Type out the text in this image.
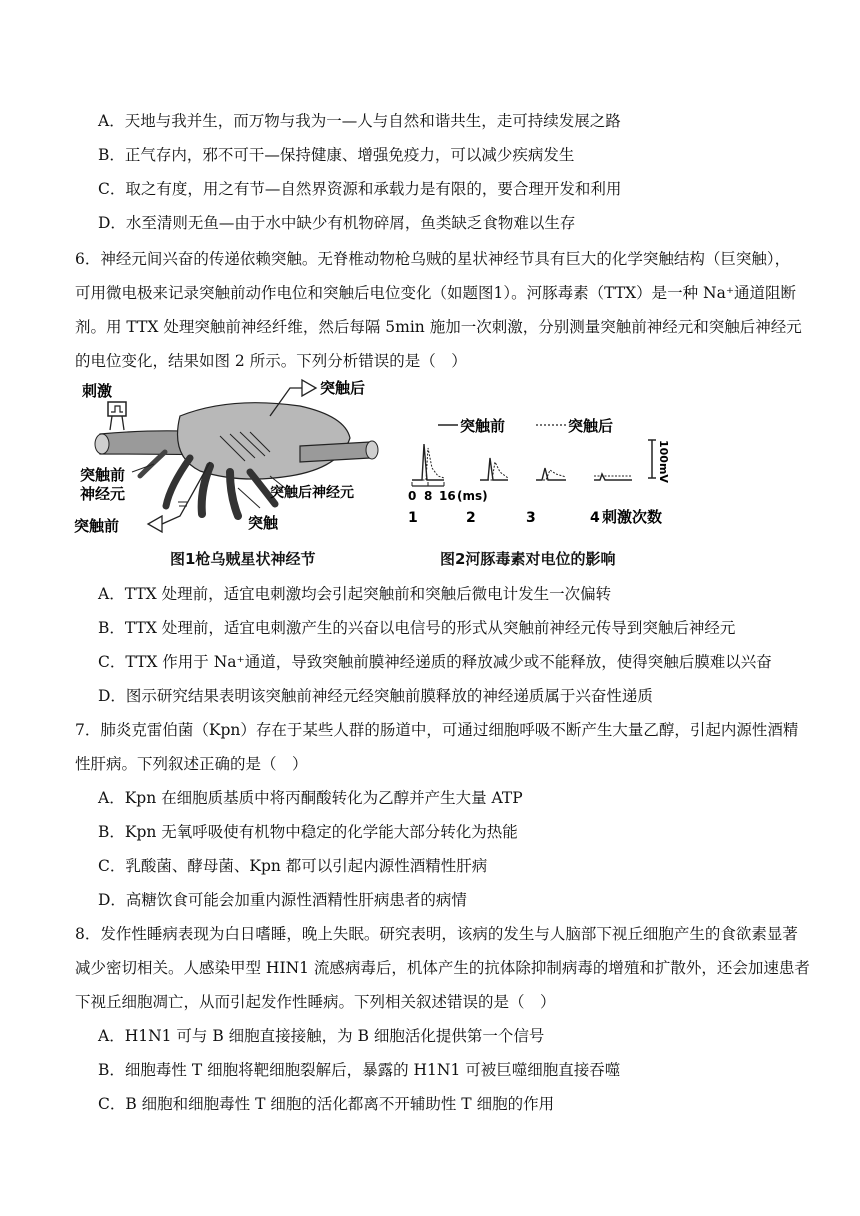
A．天地与我并生，而万物与我为一—人与自然和谐共生，走可持续发展之路
B．正气存内，邪不可干—保持健康、增强免疫力，可以减少疾病发生
C．取之有度，用之有节—自然界资源和承载力是有限的，要合理开发和利用
D．水至清则无鱼—由于水中缺少有机物碎屑，鱼类缺乏食物难以生存
6．神经元间兴奋的传递依赖突触。无脊椎动物枪乌贼的星状神经节具有巨大的化学突触结构（巨突触），
可用微电极来记录突触前动作电位和突触后电位变化（如题图1）。河豚毒素（TTX）是一种 Na⁺通道阻断
剂。用 TTX 处理突触前神经纤维，然后每隔 5min 施加一次刺激，分别测量突触前神经元和突触后神经元
的电位变化，结果如图 2 所示。下列分析错误的是（　）
刺激	突触后
突触前
神经元	突触后神经元
突触前	突触
图1枪乌贼星状神经节
突触前	突触后
100mV
0 8 16 (ms)
1	2	3	4 刺激次数
图2河豚毒素对电位的影响
A．TTX 处理前，适宜电刺激均会引起突触前和突触后微电计发生一次偏转
B．TTX 处理前，适宜电刺激产生的兴奋以电信号的形式从突触前神经元传导到突触后神经元
C．TTX 作用于 Na⁺通道，导致突触前膜神经递质的释放减少或不能释放，使得突触后膜难以兴奋
D．图示研究结果表明该突触前神经元经突触前膜释放的神经递质属于兴奋性递质
7．肺炎克雷伯菌（Kpn）存在于某些人群的肠道中，可通过细胞呼吸不断产生大量乙醇，引起内源性酒精
性肝病。下列叙述正确的是（　）
A．Kpn 在细胞质基质中将丙酮酸转化为乙醇并产生大量 ATP
B．Kpn 无氧呼吸使有机物中稳定的化学能大部分转化为热能
C．乳酸菌、酵母菌、Kpn 都可以引起内源性酒精性肝病
D．高糖饮食可能会加重内源性酒精性肝病患者的病情
8．发作性睡病表现为白日嗜睡，晚上失眠。研究表明，该病的发生与人脑部下视丘细胞产生的食欲素显著
减少密切相关。人感染甲型 HIN1 流感病毒后，机体产生的抗体除抑制病毒的增殖和扩散外，还会加速患者
下视丘细胞凋亡，从而引起发作性睡病。下列相关叙述错误的是（　）
A．H1N1 可与 B 细胞直接接触，为 B 细胞活化提供第一个信号
B．细胞毒性 T 细胞将靶细胞裂解后，暴露的 H1N1 可被巨噬细胞直接吞噬
C．B 细胞和细胞毒性 T 细胞的活化都离不开辅助性 T 细胞的作用
